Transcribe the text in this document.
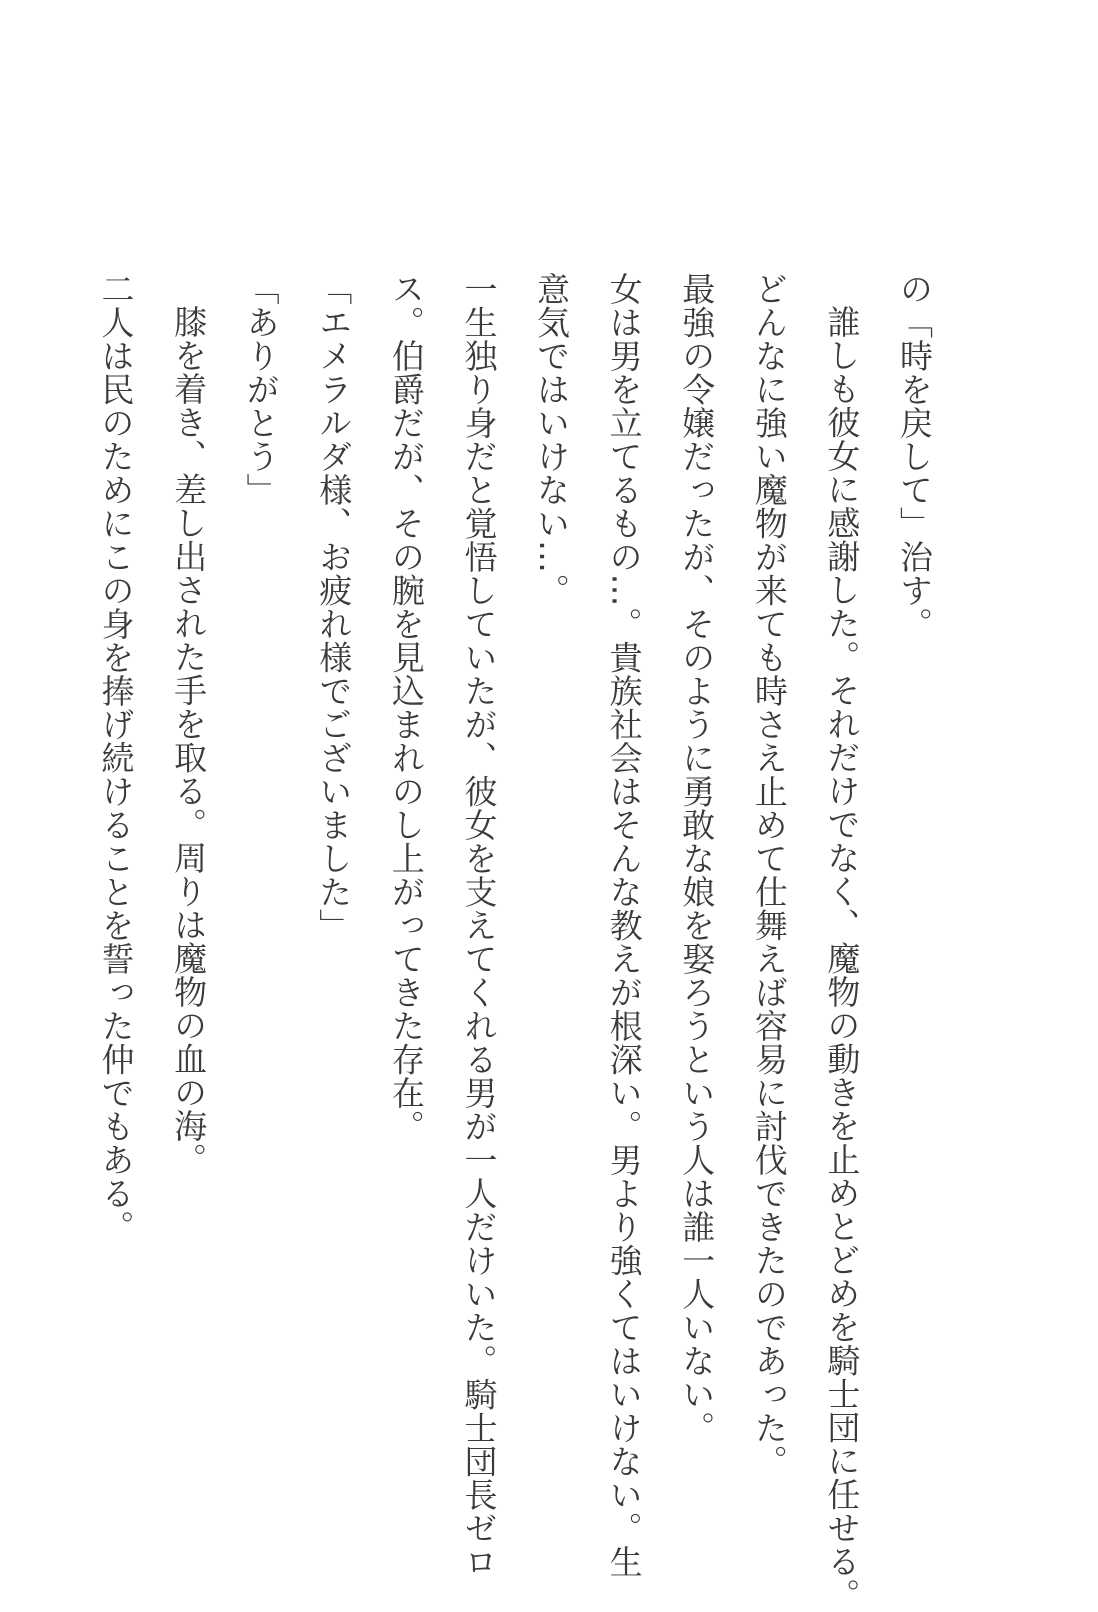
の「時を戻して」治す。
誰しも彼女に感謝した。それだけでなく、魔物の動きを止めとどめを騎士団に任せる。
どんなに強い魔物が来ても時さえ止めて仕舞えば容易に討伐できたのであった。
最強の令嬢だったが、そのように勇敢な娘を娶ろうという人は誰一人いない。
女は男を立てるもの…。貴族社会はそんな教えが根深い。男より強くてはいけない。生
意気ではいけない…。
一生独り身だと覚悟していたが、彼女を支えてくれる男が一人だけいた。騎士団長ゼロ
ス。伯爵だが、その腕を見込まれのし上がってきた存在。
「エメラルダ様、お疲れ様でございました」
「ありがとう」
膝を着き、差し出された手を取る。周りは魔物の血の海。
二人は民のためにこの身を捧げ続けることを誓った仲でもある。
